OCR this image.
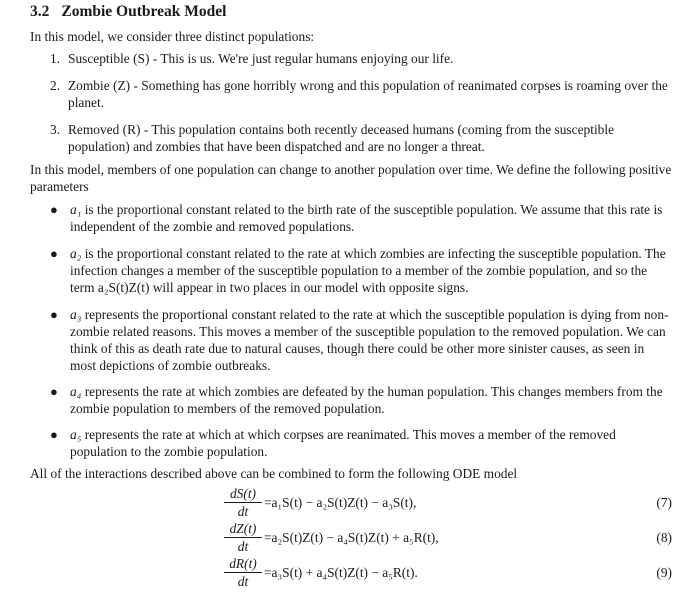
3.2 Zombie Outbreak Model
In this model, we consider three distinct populations:
1. Susceptible (S) - This is us. We're just regular humans enjoying our life.
2. Zombie (Z) - Something has gone horribly wrong and this population of reanimated corpses is roaming over the planet.
3. Removed (R) - This population contains both recently deceased humans (coming from the susceptible population) and zombies that have been dispatched and are no longer a threat.
In this model, members of one population can change to another population over time. We define the following positive parameters
● a₁ is the proportional constant related to the birth rate of the susceptible population. We assume that this rate is independent of the zombie and removed populations.
● a₂ is the proportional constant related to the rate at which zombies are infecting the susceptible population. The infection changes a member of the susceptible population to a member of the zombie population, and so the term a₂S(t)Z(t) will appear in two places in our model with opposite signs.
● a₃ represents the proportional constant related to the rate at which the susceptible population is dying from non-zombie related reasons. This moves a member of the susceptible population to the removed population. We can think of this as death rate due to natural causes, though there could be other more sinister causes, as seen in most depictions of zombie outbreaks.
● a₄ represents the rate at which zombies are defeated by the human population. This changes members from the zombie population to members of the removed population.
● a₅ represents the rate at which at which corpses are reanimated. This moves a member of the removed population to the zombie population.
All of the interactions described above can be combined to form the following ODE model
dS(t)
dt
=a₁S(t) − a₂S(t)Z(t) − a₃S(t),	(7)
dZ(t)
dt
=a₂S(t)Z(t) − a₄S(t)Z(t) + a₅R(t),	(8)
dR(t)
dt
=a₃S(t) + a₄S(t)Z(t) − a₅R(t).	(9)
